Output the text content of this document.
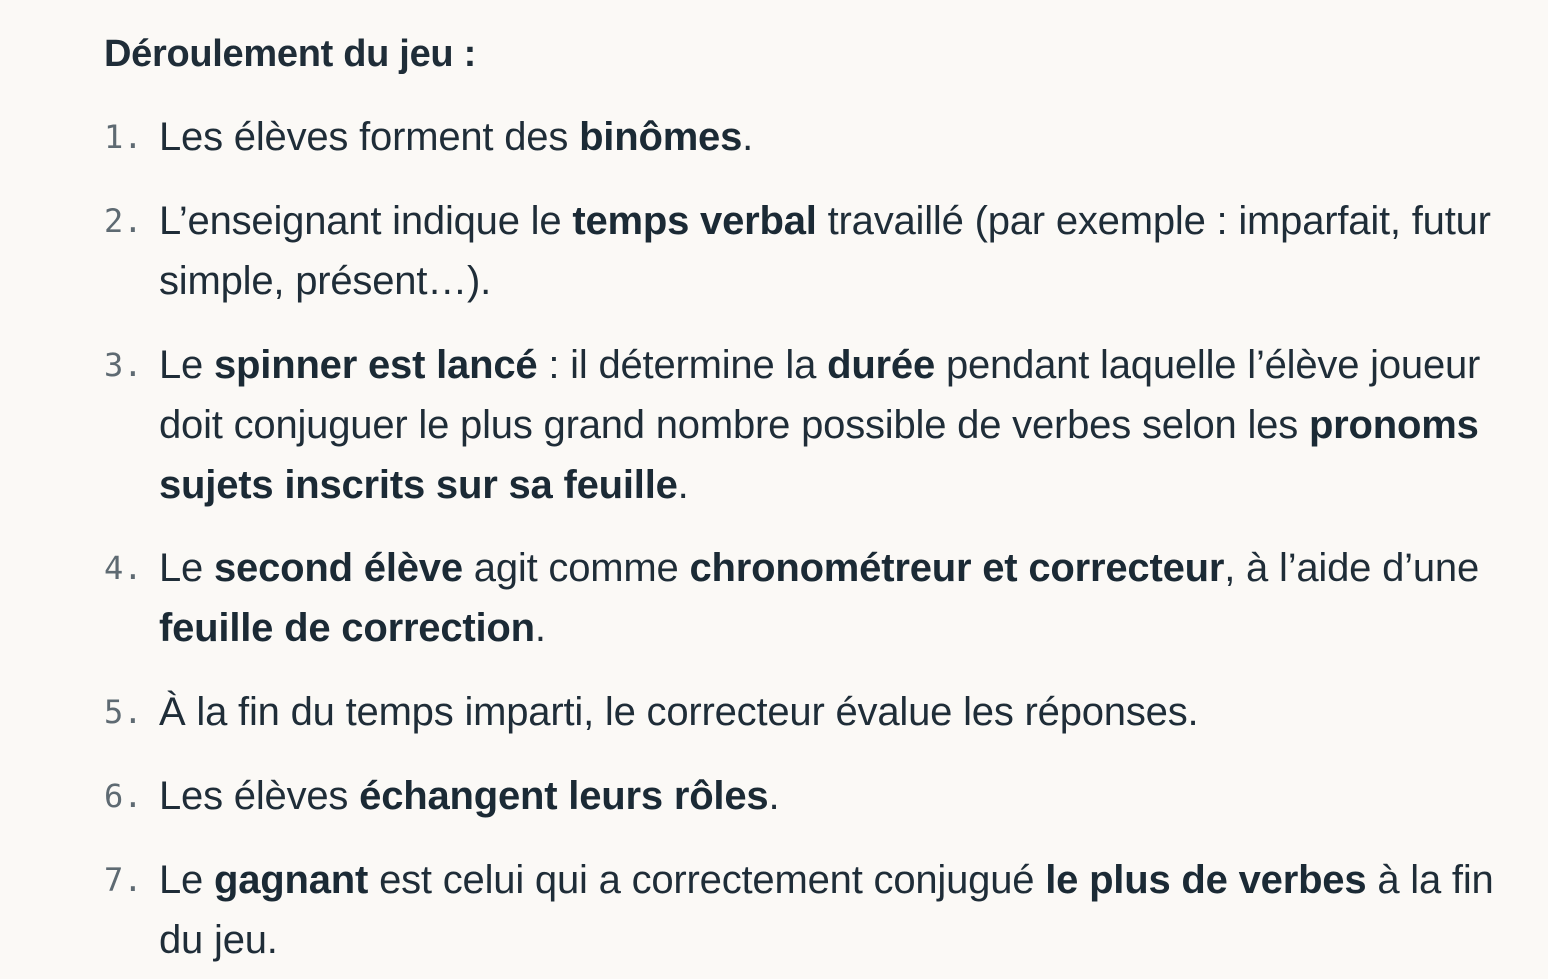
Déroulement du jeu :
1. Les élèves forment des binômes.
2. L’enseignant indique le temps verbal travaillé (par exemple : imparfait, futur simple, présent…).
3. Le spinner est lancé : il détermine la durée pendant laquelle l’élève joueur doit conjuguer le plus grand nombre possible de verbes selon les pronoms sujets inscrits sur sa feuille.
4. Le second élève agit comme chronométreur et correcteur, à l’aide d’une feuille de correction.
5. À la fin du temps imparti, le correcteur évalue les réponses.
6. Les élèves échangent leurs rôles.
7. Le gagnant est celui qui a correctement conjugué le plus de verbes à la fin du jeu.
